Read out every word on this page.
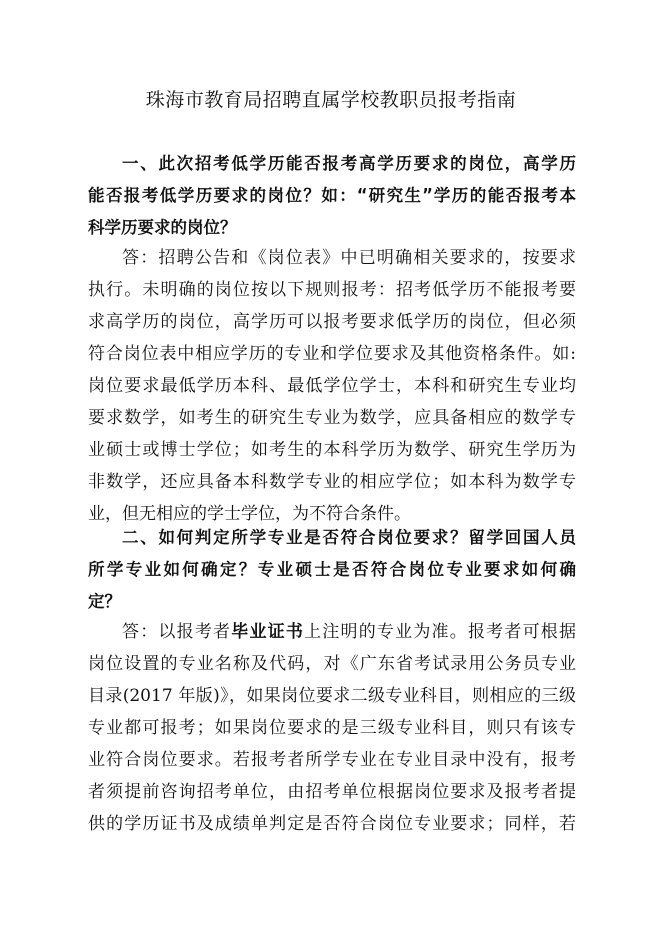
珠海市教育局招聘直属学校教职员报考指南
一、此次招考低学历能否报考高学历要求的岗位，高学历
能否报考低学历要求的岗位？如：“研究生”学历的能否报考本
科学历要求的岗位？
答：招聘公告和《岗位表》中已明确相关要求的，按要求
执行。未明确的岗位按以下规则报考：招考低学历不能报考要
求高学历的岗位，高学历可以报考要求低学历的岗位，但必须
符合岗位表中相应学历的专业和学位要求及其他资格条件。如:
岗位要求最低学历本科、最低学位学士，本科和研究生专业均
要求数学，如考生的研究生专业为数学，应具备相应的数学专
业硕士或博士学位；如考生的本科学历为数学、研究生学历为
非数学，还应具备本科数学专业的相应学位；如本科为数学专
业，但无相应的学士学位，为不符合条件。
二、如何判定所学专业是否符合岗位要求？留学回国人员
所学专业如何确定？专业硕士是否符合岗位专业要求如何确
定？
答：以报考者毕业证书上注明的专业为准。报考者可根据
岗位设置的专业名称及代码，对《广东省考试录用公务员专业
目录(2017 年版)》，如果岗位要求二级专业科目，则相应的三级
专业都可报考；如果岗位要求的是三级专业科目，则只有该专
业符合岗位要求。若报考者所学专业在专业目录中没有，报考
者须提前咨询招考单位，由招考单位根据岗位要求及报考者提
供的学历证书及成绩单判定是否符合岗位专业要求；同样，若
